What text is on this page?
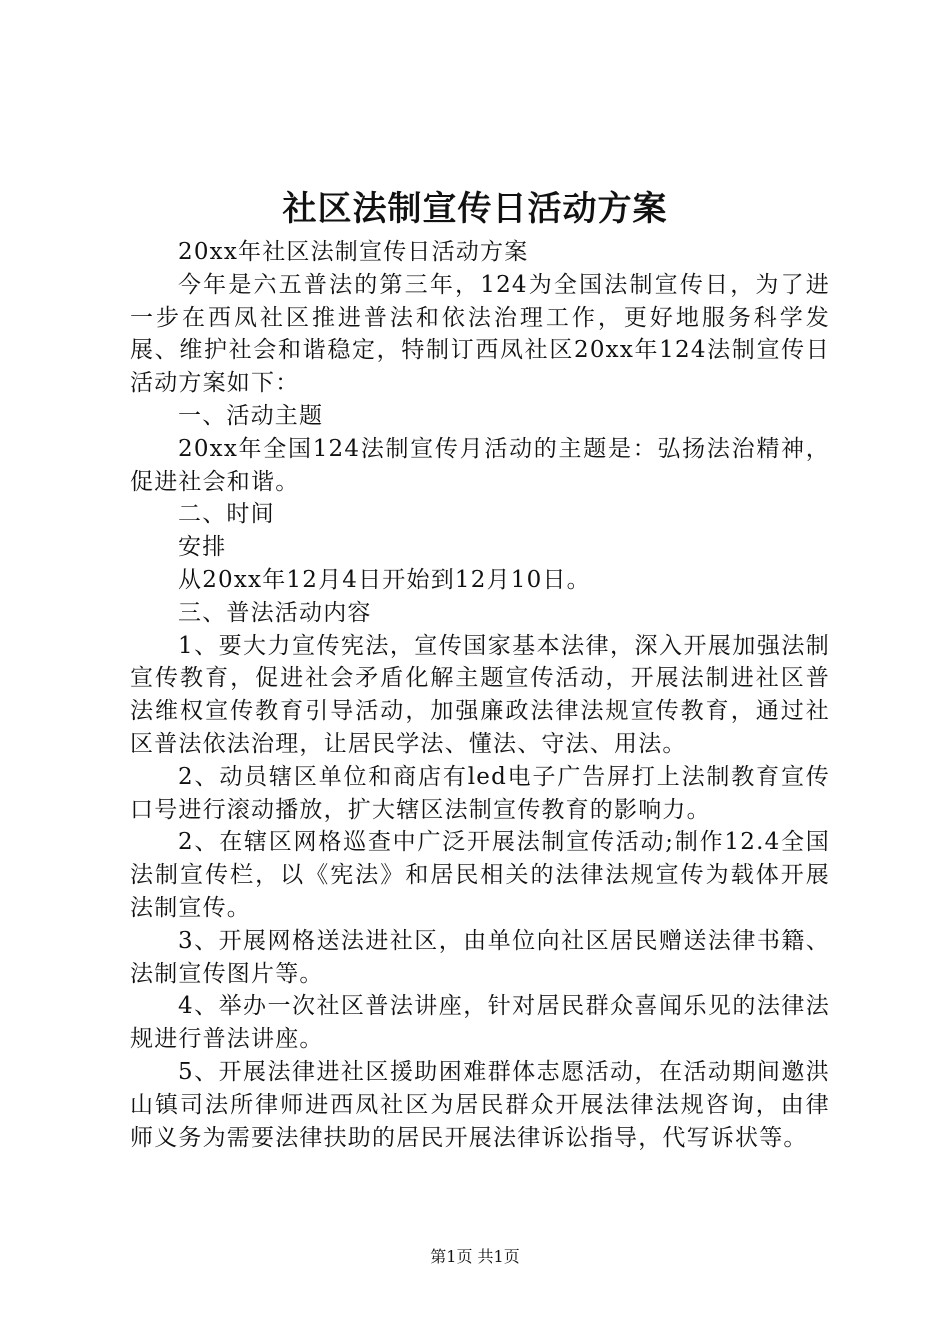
社区法制宣传日活动方案

20xx年社区法制宣传日活动方案

今年是六五普法的第三年，124为全国法制宣传日，为了进一步在西凤社区推进普法和依法治理工作，更好地服务科学发展、维护社会和谐稳定，特制订西凤社区20xx年124法制宣传日活动方案如下：

一、活动主题

20xx年全国124法制宣传月活动的主题是：弘扬法治精神，促进社会和谐。

二、时间

安排

从20xx年12月4日开始到12月10日。

三、普法活动内容

1、要大力宣传宪法，宣传国家基本法律，深入开展加强法制宣传教育，促进社会矛盾化解主题宣传活动，开展法制进社区普法维权宣传教育引导活动，加强廉政法律法规宣传教育，通过社区普法依法治理，让居民学法、懂法、守法、用法。

2、动员辖区单位和商店有led电子广告屏打上法制教育宣传口号进行滚动播放，扩大辖区法制宣传教育的影响力。

2、在辖区网格巡查中广泛开展法制宣传活动;制作12.4全国法制宣传栏，以《宪法》和居民相关的法律法规宣传为载体开展法制宣传。

3、开展网格送法进社区，由单位向社区居民赠送法律书籍、法制宣传图片等。

4、举办一次社区普法讲座，针对居民群众喜闻乐见的法律法规进行普法讲座。

5、开展法律进社区援助困难群体志愿活动，在活动期间邀洪山镇司法所律师进西凤社区为居民群众开展法律法规咨询，由律师义务为需要法律扶助的居民开展法律诉讼指导，代写诉状等。

第1页 共1页
